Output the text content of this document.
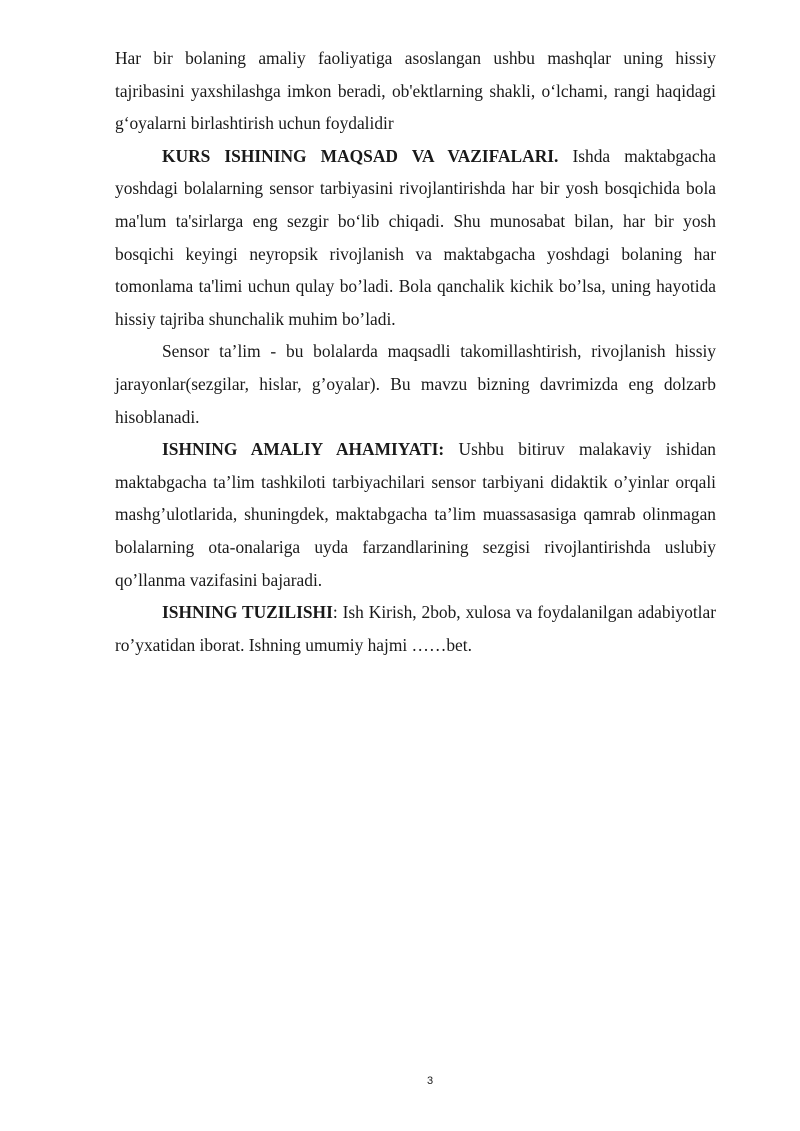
Har bir bolaning amaliy faoliyatiga asoslangan ushbu mashqlar uning hissiy tajribasini yaxshilashga imkon beradi, ob'ektlarning shakli, oʻlchami, rangi haqidagi gʻoyalarni birlashtirish uchun foydalidir

KURS ISHINING MAQSAD VA VAZIFALARI. Ishda maktabgacha yoshdagi bolalarning sensor tarbiyasini rivojlantirishda har bir yosh bosqichida bola ma'lum ta'sirlarga eng sezgir boʻlib chiqadi. Shu munosabat bilan, har bir yosh bosqichi keyingi neyropsik rivojlanish va maktabgacha yoshdagi bolaning har tomonlama ta'limi uchun qulay bo’ladi. Bola qanchalik kichik bo’lsa, uning hayotida hissiy tajriba shunchalik muhim bo’ladi.

Sensor ta’lim - bu bolalarda maqsadli takomillashtirish, rivojlanish hissiy jarayonlar(sezgilar, hislar, g’oyalar). Bu mavzu bizning davrimizda eng dolzarb hisoblanadi.

ISHNING AMALIY AHAMIYATI: Ushbu bitiruv malakaviy ishidan maktabgacha ta’lim tashkiloti tarbiyachilari sensor tarbiyani didaktik o’yinlar orqali mashg’ulotlarida, shuningdek, maktabgacha ta’lim muassasasiga qamrab olinmagan bolalarning ota-onalariga uyda farzandlarining sezgisi rivojlantirishda uslubiy qo’llanma vazifasini bajaradi.

ISHNING TUZILISHI: Ish Kirish, 2bob, xulosa va foydalanilgan adabiyotlar ro’yxatidan iborat. Ishning umumiy hajmi ……bet.

3
